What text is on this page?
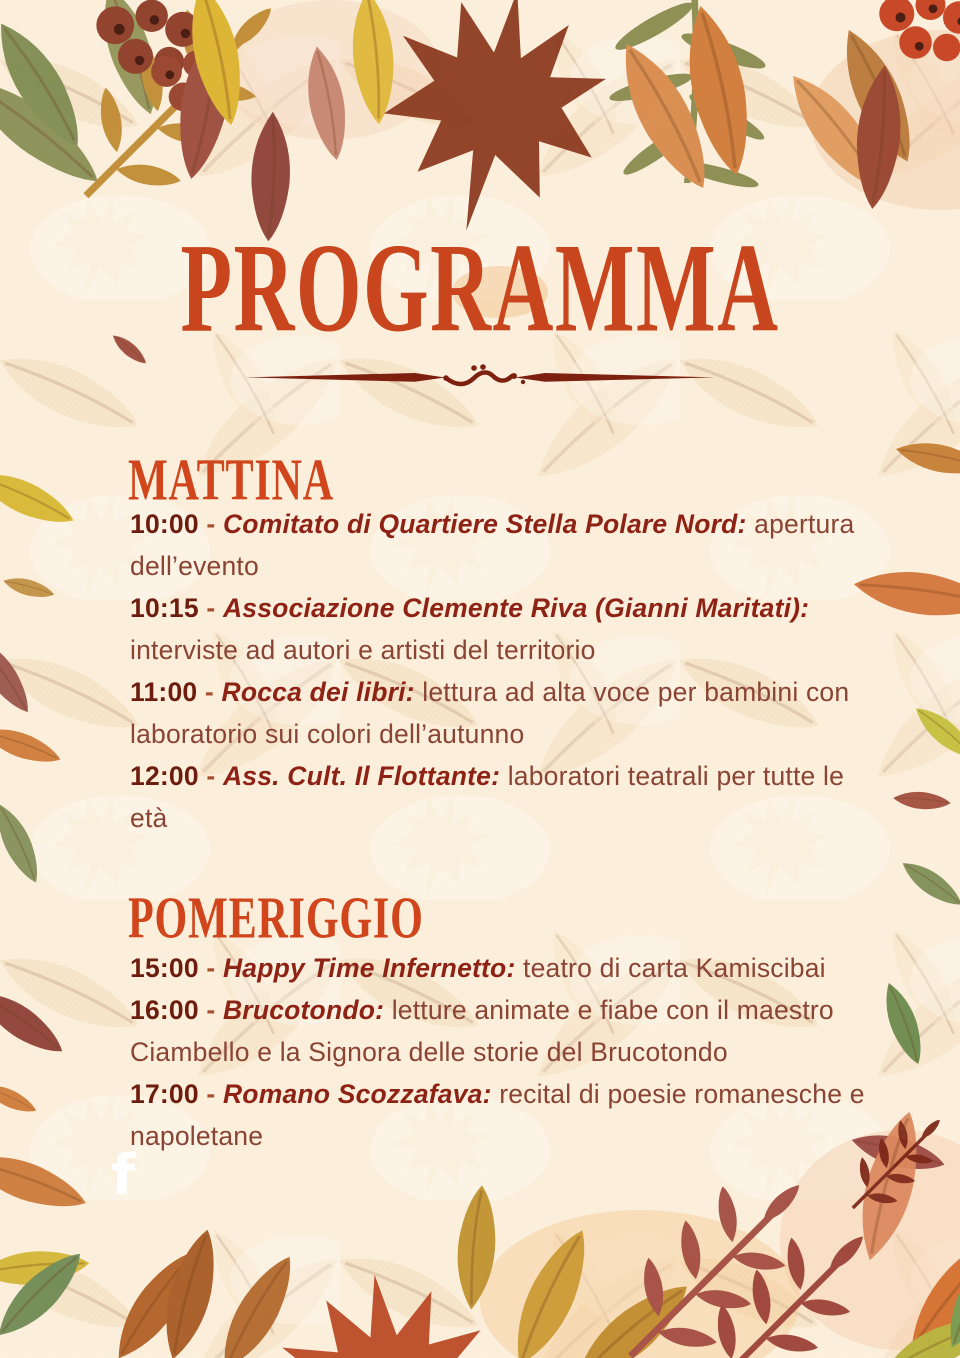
PROGRAMMA
MATTINA

10:00 - Comitato di Quartiere Stella Polare Nord: apertura dell’evento

10:15 - Associazione Clemente Riva (Gianni Maritati): interviste ad autori e artisti del territorio

11:00 - Rocca dei libri: lettura ad alta voce per bambini con laboratorio sui colori dell’autunno

12:00 - Ass. Cult. Il Flottante: laboratori teatrali per tutte le età

POMERIGGIO

15:00 - Happy Time Infernetto: teatro di carta Kamiscibai

16:00 - Brucotondo: letture animate e fiabe con il maestro Ciambello e la Signora delle storie del Brucotondo

17:00 - Romano Scozzafava: recital di poesie romanesche e napoletane

f
